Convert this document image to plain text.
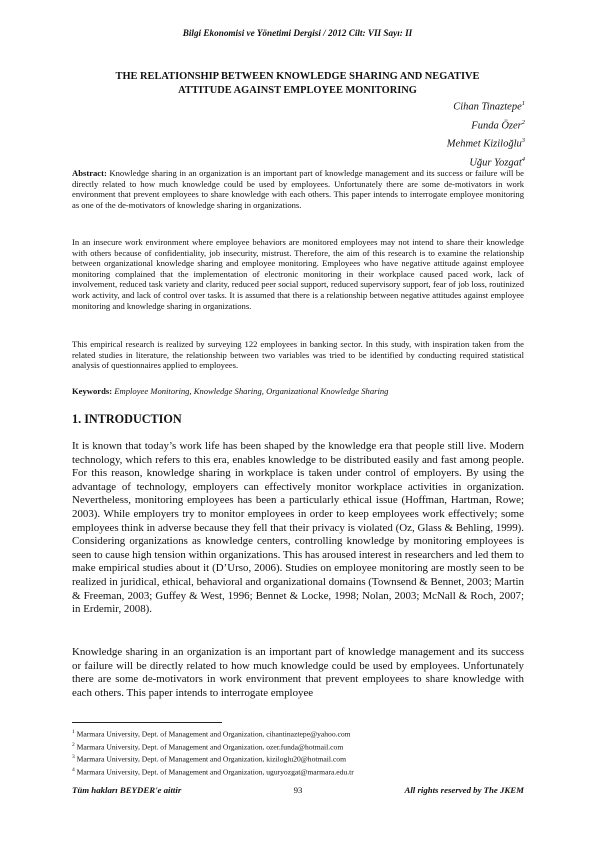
Bilgi Ekonomisi ve Yönetimi Dergisi / 2012 Cilt: VII Sayı: II
THE RELATIONSHIP BETWEEN KNOWLEDGE SHARING AND NEGATIVE
ATTITUDE AGAINST EMPLOYEE MONITORING
Cihan Tinaztepe$^1$
Funda Özer$^2$
Mehmet Kiziloğlu$^3$
Uğur Yozgat$^4$
Abstract: Knowledge sharing in an organization is an important part of knowledge management and its success or failure will be directly related to how much knowledge could be used by employees. Unfortunately there are some de-motivators in work environment that prevent employees to share knowledge with each others. This paper intends to interrogate employee monitoring as one of the de-motivators of knowledge sharing in organizations.
In an insecure work environment where employee behaviors are monitored employees may not intend to share their knowledge with others because of confidentiality, job insecurity, mistrust. Therefore, the aim of this research is to examine the relationship between organizational knowledge sharing and employee monitoring. Employees who have negative attitude against employee monitoring complained that the implementation of electronic monitoring in their workplace caused paced work, lack of involvement, reduced task variety and clarity, reduced peer social support, reduced supervisory support, fear of job loss, routinized work activity, and lack of control over tasks. It is assumed that there is a relationship between negative attitudes against employee monitoring and knowledge sharing in organizations.
This empirical research is realized by surveying 122 employees in banking sector. In this study, with inspiration taken from the related studies in literature, the relationship between two variables was tried to be identified by conducting required statistical analysis of questionnaires applied to employees.
Keywords: Employee Monitoring, Knowledge Sharing, Organizational Knowledge Sharing
1. INTRODUCTION
It is known that today’s work life has been shaped by the knowledge era that people still live. Modern technology, which refers to this era, enables knowledge to be distributed easily and fast among people. For this reason, knowledge sharing in workplace is taken under control of employers. By using the advantage of technology, employers can effectively monitor workplace activities in organization. Nevertheless, monitoring employees has been a particularly ethical issue (Hoffman, Hartman, Rowe; 2003). While employers try to monitor employees in order to keep employees work effectively; some employees think in adverse because they fell that their privacy is violated (Oz, Glass & Behling, 1999). Considering organizations as knowledge centers, controlling knowledge by monitoring employees is seen to cause high tension within organizations. This has aroused interest in researchers and led them to make empirical studies about it (D’Urso, 2006). Studies on employee monitoring are mostly seen to be realized in juridical, ethical, behavioral and organizational domains (Townsend & Bennet, 2003; Martin & Freeman, 2003; Guffey & West, 1996; Bennet & Locke, 1998; Nolan, 2003; McNall & Roch, 2007; in Erdemir, 2008).
Knowledge sharing in an organization is an important part of knowledge management and its success or failure will be directly related to how much knowledge could be used by employees. Unfortunately there are some de-motivators in work environment that prevent employees to share knowledge with each others. This paper intends to interrogate employee
$^1$ Marmara University, Dept. of Management and Organization, cihantinaztepe@yahoo.com
$^2$ Marmara University, Dept. of Management and Organization, ozer.funda@hotmail.com
$^3$ Marmara University, Dept. of Management and Organization, kiziloglu20@hotmail.com
$^4$ Marmara University, Dept. of Management and Organization, uguryozgat@marmara.edu.tr
Tüm hakları BEYDER'e aittir	93	All rights reserved by The JKEM
